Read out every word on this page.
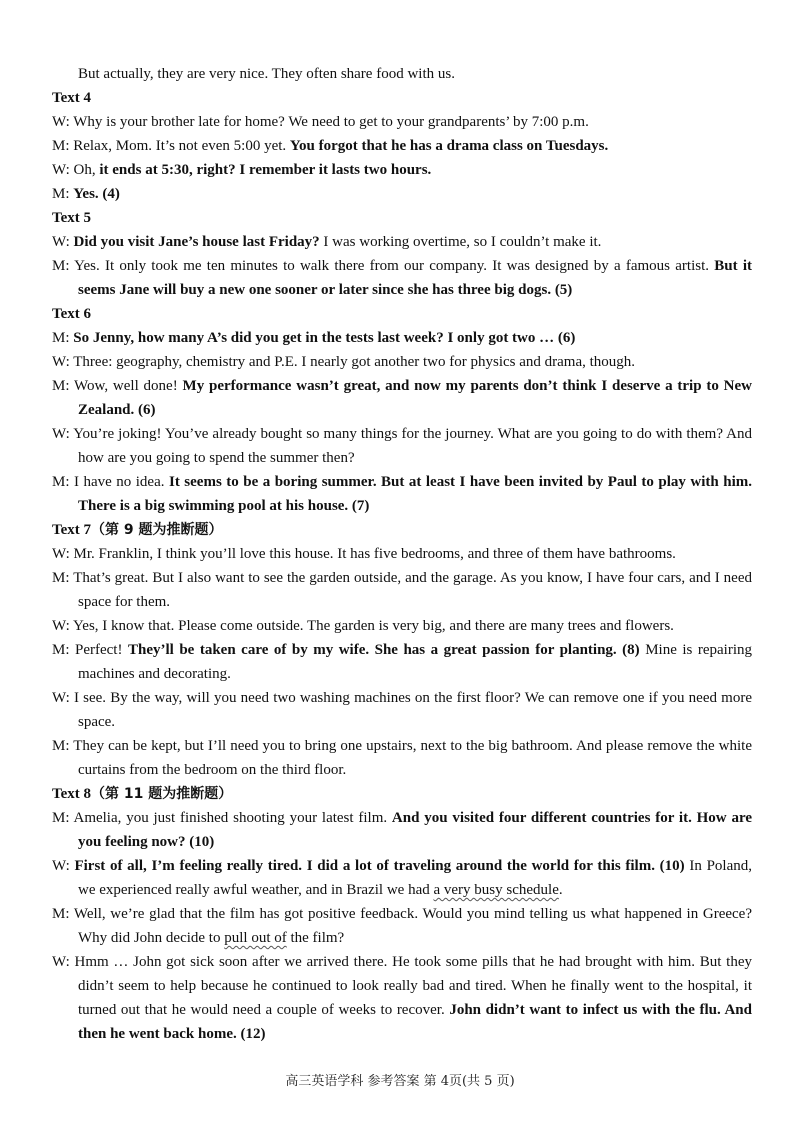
But actually, they are very nice. They often share food with us.

Text 4

W: Why is your brother late for home? We need to get to your grandparents’ by 7:00 p.m.

M: Relax, Mom. It’s not even 5:00 yet. You forgot that he has a drama class on Tuesdays.

W: Oh, it ends at 5:30, right? I remember it lasts two hours.

M: Yes. (4)

Text 5

W: Did you visit Jane’s house last Friday? I was working overtime, so I couldn’t make it.

M: Yes. It only took me ten minutes to walk there from our company. It was designed by a famous artist. But it seems Jane will buy a new one sooner or later since she has three big dogs. (5)

Text 6

M: So Jenny, how many A’s did you get in the tests last week? I only got two … (6)

W: Three: geography, chemistry and P.E. I nearly got another two for physics and drama, though.

M: Wow, well done! My performance wasn’t great, and now my parents don’t think I deserve a trip to New Zealand. (6)

W: You’re joking! You’ve already bought so many things for the journey. What are you going to do with them? And how are you going to spend the summer then?

M: I have no idea. It seems to be a boring summer. But at least I have been invited by Paul to play with him. There is a big swimming pool at his house. (7)

Text 7（第 9 题为推断题）

W: Mr. Franklin, I think you’ll love this house. It has five bedrooms, and three of them have bathrooms.

M: That’s great. But I also want to see the garden outside, and the garage. As you know, I have four cars, and I need space for them.

W: Yes, I know that. Please come outside. The garden is very big, and there are many trees and flowers.

M: Perfect! They’ll be taken care of by my wife. She has a great passion for planting. (8) Mine is repairing machines and decorating.

W: I see. By the way, will you need two washing machines on the first floor? We can remove one if you need more space.

M: They can be kept, but I’ll need you to bring one upstairs, next to the big bathroom. And please remove the white curtains from the bedroom on the third floor.

Text 8（第 11 题为推断题）

M: Amelia, you just finished shooting your latest film. And you visited four different countries for it. How are you feeling now? (10)

W: First of all, I’m feeling really tired. I did a lot of traveling around the world for this film. (10) In Poland, we experienced really awful weather, and in Brazil we had a very busy schedule.

M: Well, we’re glad that the film has got positive feedback. Would you mind telling us what happened in Greece? Why did John decide to pull out of the film?

W: Hmm … John got sick soon after we arrived there. He took some pills that he had brought with him. But they didn’t seem to help because he continued to look really bad and tired. When he finally went to the hospital, it turned out that he would need a couple of weeks to recover. John didn’t want to infect us with the flu. And then he went back home. (12)

高三英语学科 参考答案 第 4页(共 5 页)
